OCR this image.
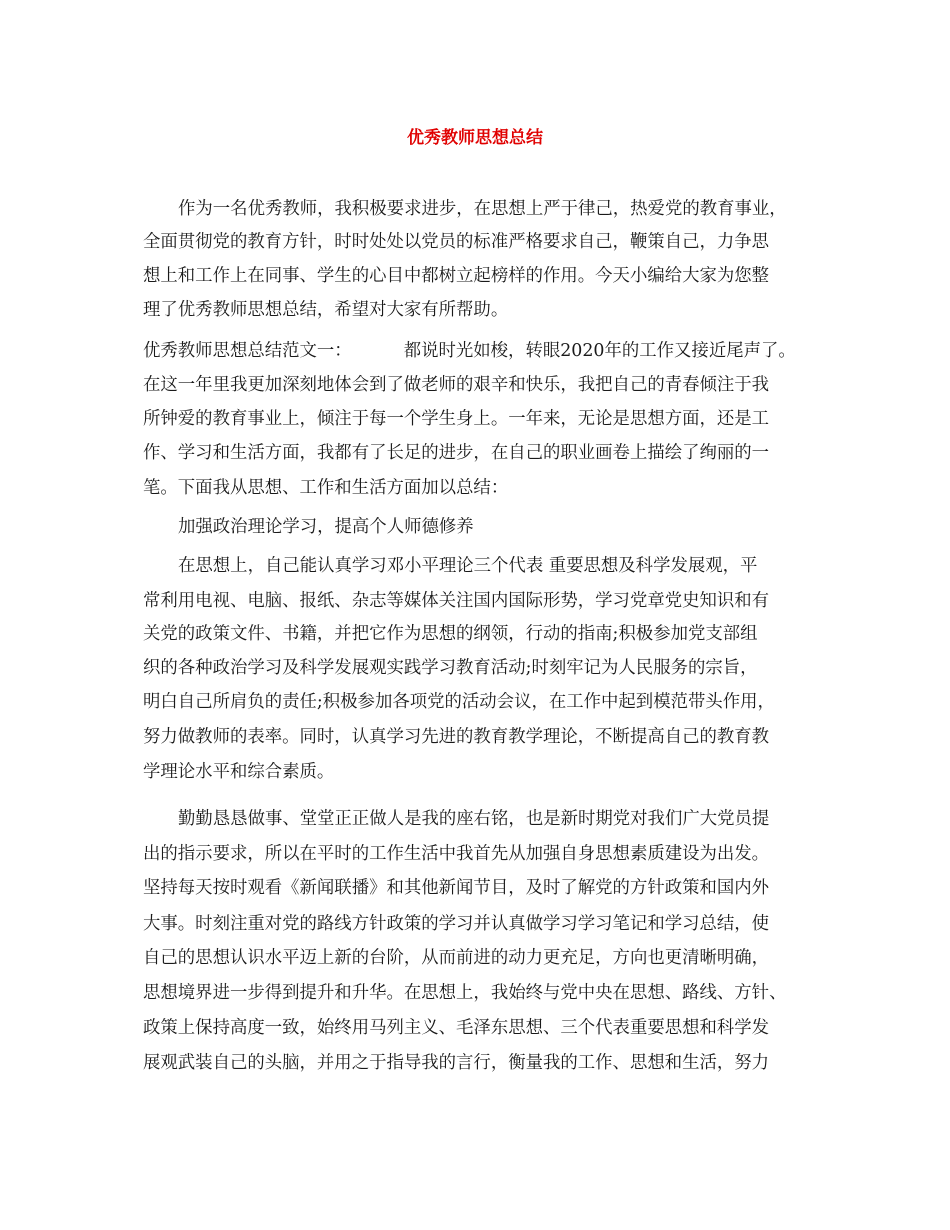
优秀教师思想总结

作为一名优秀教师，我积极要求进步，在思想上严于律己，热爱党的教育事业，

全面贯彻党的教育方针，时时处处以党员的标准严格要求自己，鞭策自己，力争思

想上和工作上在同事、学生的心目中都树立起榜样的作用。今天小编给大家为您整

理了优秀教师思想总结，希望对大家有所帮助。

优秀教师思想总结范文一：	都说时光如梭，转眼2020年的工作又接近尾声了。

在这一年里我更加深刻地体会到了做老师的艰辛和快乐，我把自己的青春倾注于我

所钟爱的教育事业上，倾注于每一个学生身上。一年来，无论是思想方面，还是工

作、学习和生活方面，我都有了长足的进步，在自己的职业画卷上描绘了绚丽的一

笔。下面我从思想、工作和生活方面加以总结：

加强政治理论学习，提高个人师德修养

在思想上，自己能认真学习邓小平理论三个代表 重要思想及科学发展观，平

常利用电视、电脑、报纸、杂志等媒体关注国内国际形势，学习党章党史知识和有

关党的政策文件、书籍，并把它作为思想的纲领，行动的指南;积极参加党支部组

织的各种政治学习及科学发展观实践学习教育活动;时刻牢记为人民服务的宗旨，

明白自己所肩负的责任;积极参加各项党的活动会议，在工作中起到模范带头作用，

努力做教师的表率。同时，认真学习先进的教育教学理论，不断提高自己的教育教

学理论水平和综合素质。

勤勤恳恳做事、堂堂正正做人是我的座右铭，也是新时期党对我们广大党员提

出的指示要求，所以在平时的工作生活中我首先从加强自身思想素质建设为出发。

坚持每天按时观看《新闻联播》和其他新闻节目，及时了解党的方针政策和国内外

大事。时刻注重对党的路线方针政策的学习并认真做学习学习笔记和学习总结，使

自己的思想认识水平迈上新的台阶，从而前进的动力更充足，方向也更清晰明确，

思想境界进一步得到提升和升华。在思想上，我始终与党中央在思想、路线、方针、

政策上保持高度一致，始终用马列主义、毛泽东思想、三个代表重要思想和科学发

展观武装自己的头脑，并用之于指导我的言行，衡量我的工作、思想和生活，努力
